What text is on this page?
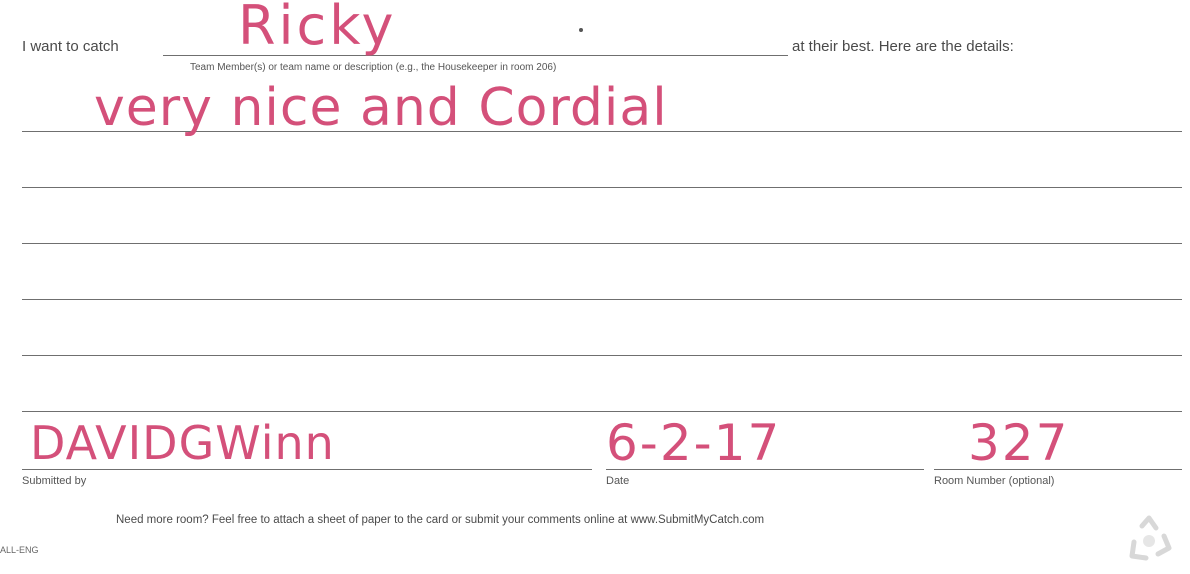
I want to catch	at their best. Here are the details:
Team Member(s) or team name or description (e.g., the Housekeeper in room 206)
Ricky
very nice and Cordial
DAVIDGWinn	6-2-17	327
Submitted by	Date	Room Number (optional)
Need more room? Feel free to attach a sheet of paper to the card or submit your comments online at www.SubmitMyCatch.com
ALL-ENG
